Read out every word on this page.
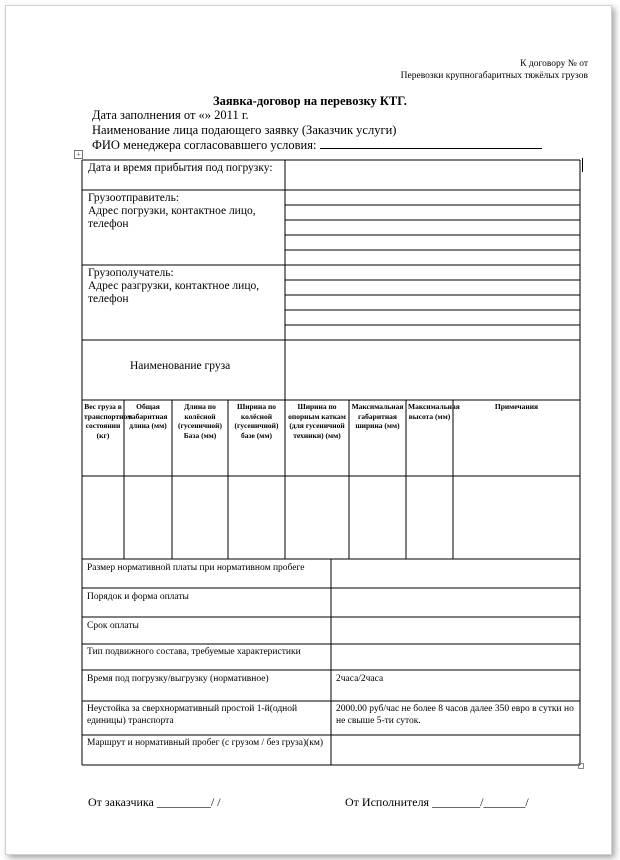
К договору № от
Перевозки крупногабаритных тяжёлых грузов
Заявка-договор на перевозку КТГ.
Дата заполнения от «» 2011 г.
Наименование лица подающего заявку (Заказчик услуги)
ФИО менеджера согласовавшего условия:
+
Дата и время прибытия под погрузку:
Грузоотправитель:
Адрес погрузки, контактное лицо, телефон
Грузополучатель:
Адрес разгрузки, контактное лицо, телефон
Наименование груза
Вес груза в транспортном состоянии (кг)
Общая габаритная длина (мм)
Длина по колёсной (гусеничной) База (мм)
Ширина по колёсной (гусеничной) базе (мм)
Ширина по опорным каткам (для гусеничной техники) (мм)
Максимальная габаритная ширина (мм)
Максимальная высота (мм)
Примечания
Размер нормативной платы при нормативном пробеге
Порядок и форма оплаты
Срок оплаты
Тип подвижного состава, требуемые характеристики
Время под погрузку/выгрузку (нормативное)	2часа/2часа
Неустойка за сверхнормативный простой 1-й(одной единицы) транспорта
2000.00 руб/час не более 8 часов далее 350 евро в сутки но не свыше 5-ти суток.
Маршрут и нормативный пробег (с грузом / без груза)(км)
От заказчика _________/ /	От Исполнителя ________/_______/
